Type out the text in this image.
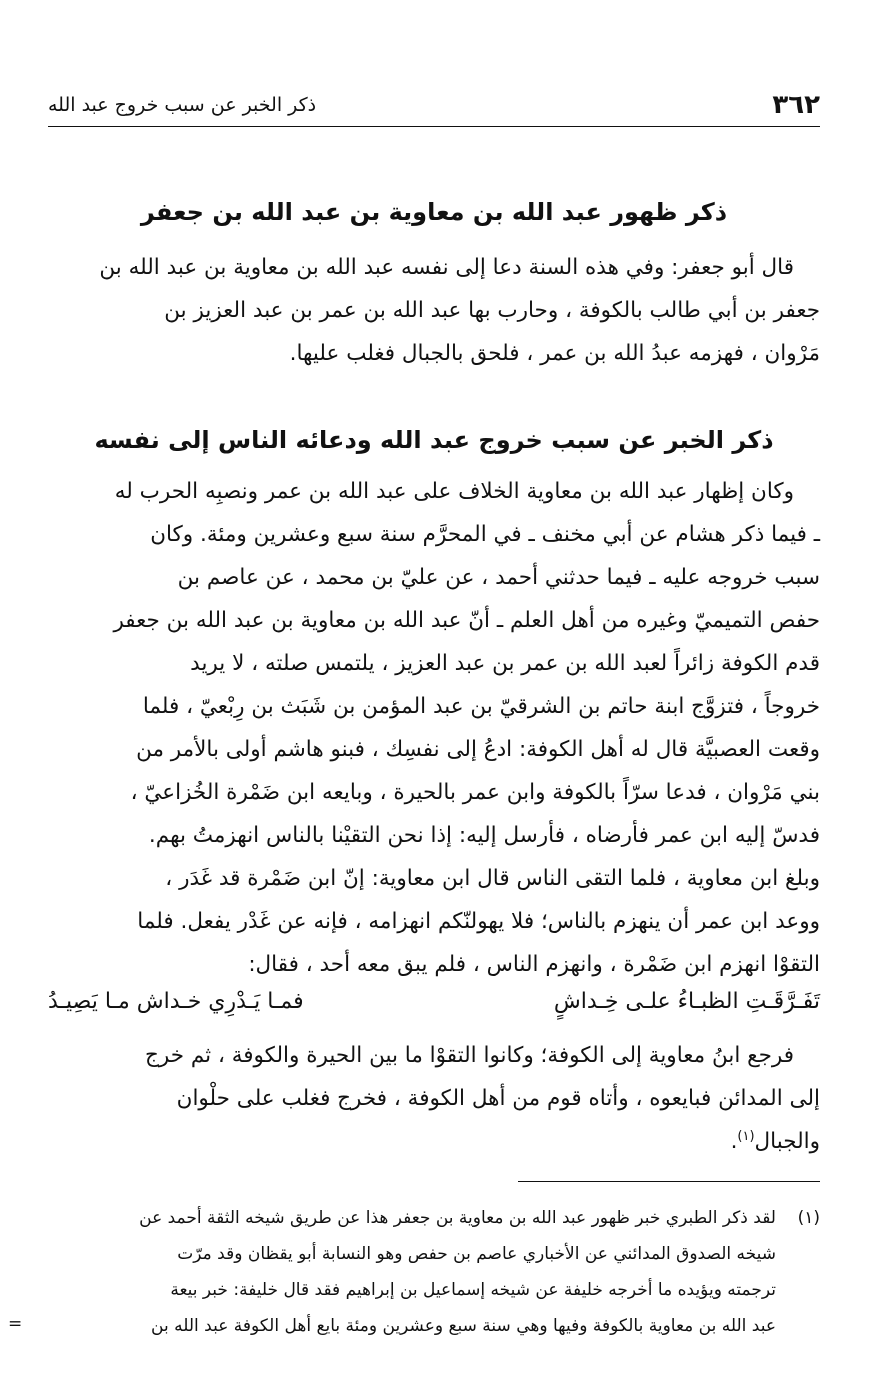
٣٦٢
ذكر الخبر عن سبب خروج عبد الله
ذكر ظهور عبد الله بن معاوية بن عبد الله بن جعفر

قال أبو جعفر: وفي هذه السنة دعا إلى نفسه عبد الله بن معاوية بن عبد الله بن
جعفر بن أبي طالب بالكوفة ، وحارب بها عبد الله بن عمر بن عبد العزيز بن
مَرْوان ، فهزمه عبدُ الله بن عمر ، فلحق بالجبال فغلب عليها.

ذكر الخبر عن سبب خروج عبد الله ودعائه الناس إلى نفسه

وكان إظهار عبد الله بن معاوية الخلاف على عبد الله بن عمر ونصبِه الحرب له
ـ فيما ذكر هشام عن أبي مخنف ـ في المحرَّم سنة سبع وعشرين ومئة. وكان
سبب خروجه عليه ـ فيما حدثني أحمد ، عن عليّ بن محمد ، عن عاصم بن
حفص التميميّ وغيره من أهل العلم ـ أنّ عبد الله بن معاوية بن عبد الله بن جعفر
قدم الكوفة زائراً لعبد الله بن عمر بن عبد العزيز ، يلتمس صلته ، لا يريد
خروجاً ، فتزوَّج ابنة حاتم بن الشرقيّ بن عبد المؤمن بن شَبَث بن رِبْعيّ ، فلما
وقعت العصبيَّة قال له أهل الكوفة: ادعُ إلى نفسِك ، فبنو هاشم أولى بالأمر من
بني مَرْوان ، فدعا سرّاً بالكوفة وابن عمر بالحيرة ، وبايعه ابن ضَمْرة الخُزاعيّ ،
فدسّ إليه ابن عمر فأرضاه ، فأرسل إليه: إذا نحن التقيْنا بالناس انهزمتُ بهم.
وبلغ ابن معاوية ، فلما التقى الناس قال ابن معاوية: إنّ ابن ضَمْرة قد غَدَر ،
ووعد ابن عمر أن ينهزم بالناس؛ فلا يهولنّكم انهزامه ، فإنه عن غَدْر يفعل. فلما
التقوْا انهزم ابن ضَمْرة ، وانهزم الناس ، فلم يبق معه أحد ، فقال:

تَفَـرَّقَـتِ الظبـاءُ علـى خِـداشٍ
فمـا يَـدْرِي خـداش مـا يَصِيـدُ

فرجع ابنُ معاوية إلى الكوفة؛ وكانوا التقوْا ما بين الحيرة والكوفة ، ثم خرج
إلى المدائن فبايعوه ، وأتاه قوم من أهل الكوفة ، فخرج فغلب على حلْوان
والجبال$^{(١)}$.

(١)
لقد ذكر الطبري خبر ظهور عبد الله بن معاوية بن جعفر هذا عن طريق شيخه الثقة أحمد عن
شيخه الصدوق المدائني عن الأخباري عاصم بن حفص وهو النسابة أبو يقظان وقد مرّت
ترجمته ويؤيده ما أخرجه خليفة عن شيخه إسماعيل بن إبراهيم فقد قال خليفة: خبر بيعة
عبد الله بن معاوية بالكوفة وفيها وهي سنة سبع وعشرين ومئة بايع أهل الكوفة عبد الله بن
=
